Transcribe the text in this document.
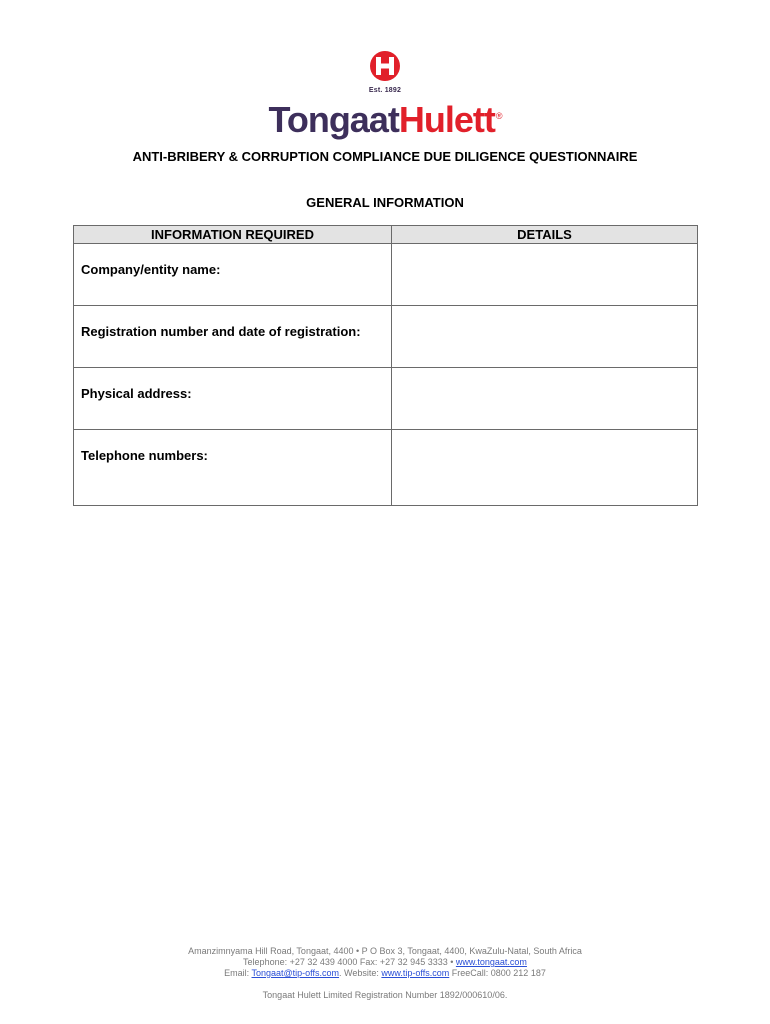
Est. 1892
TongaatHulett®
ANTI-BRIBERY & CORRUPTION COMPLIANCE DUE DILIGENCE QUESTIONNAIRE
GENERAL INFORMATION
INFORMATION REQUIRED	DETAILS

Company/entity name:	

Registration number and date of registration:	

Physical address:	

Telephone numbers:	

Amanzimnyama Hill Road, Tongaat, 4400 • P O Box 3, Tongaat, 4400, KwaZulu-Natal, South Africa
Telephone: +27 32 439 4000 Fax: +27 32 945 3333 • www.tongaat.com
Email: Tongaat@tip-offs.com. Website: www.tip-offs.com FreeCall: 0800 212 187
Tongaat Hulett Limited Registration Number 1892/000610/06.
